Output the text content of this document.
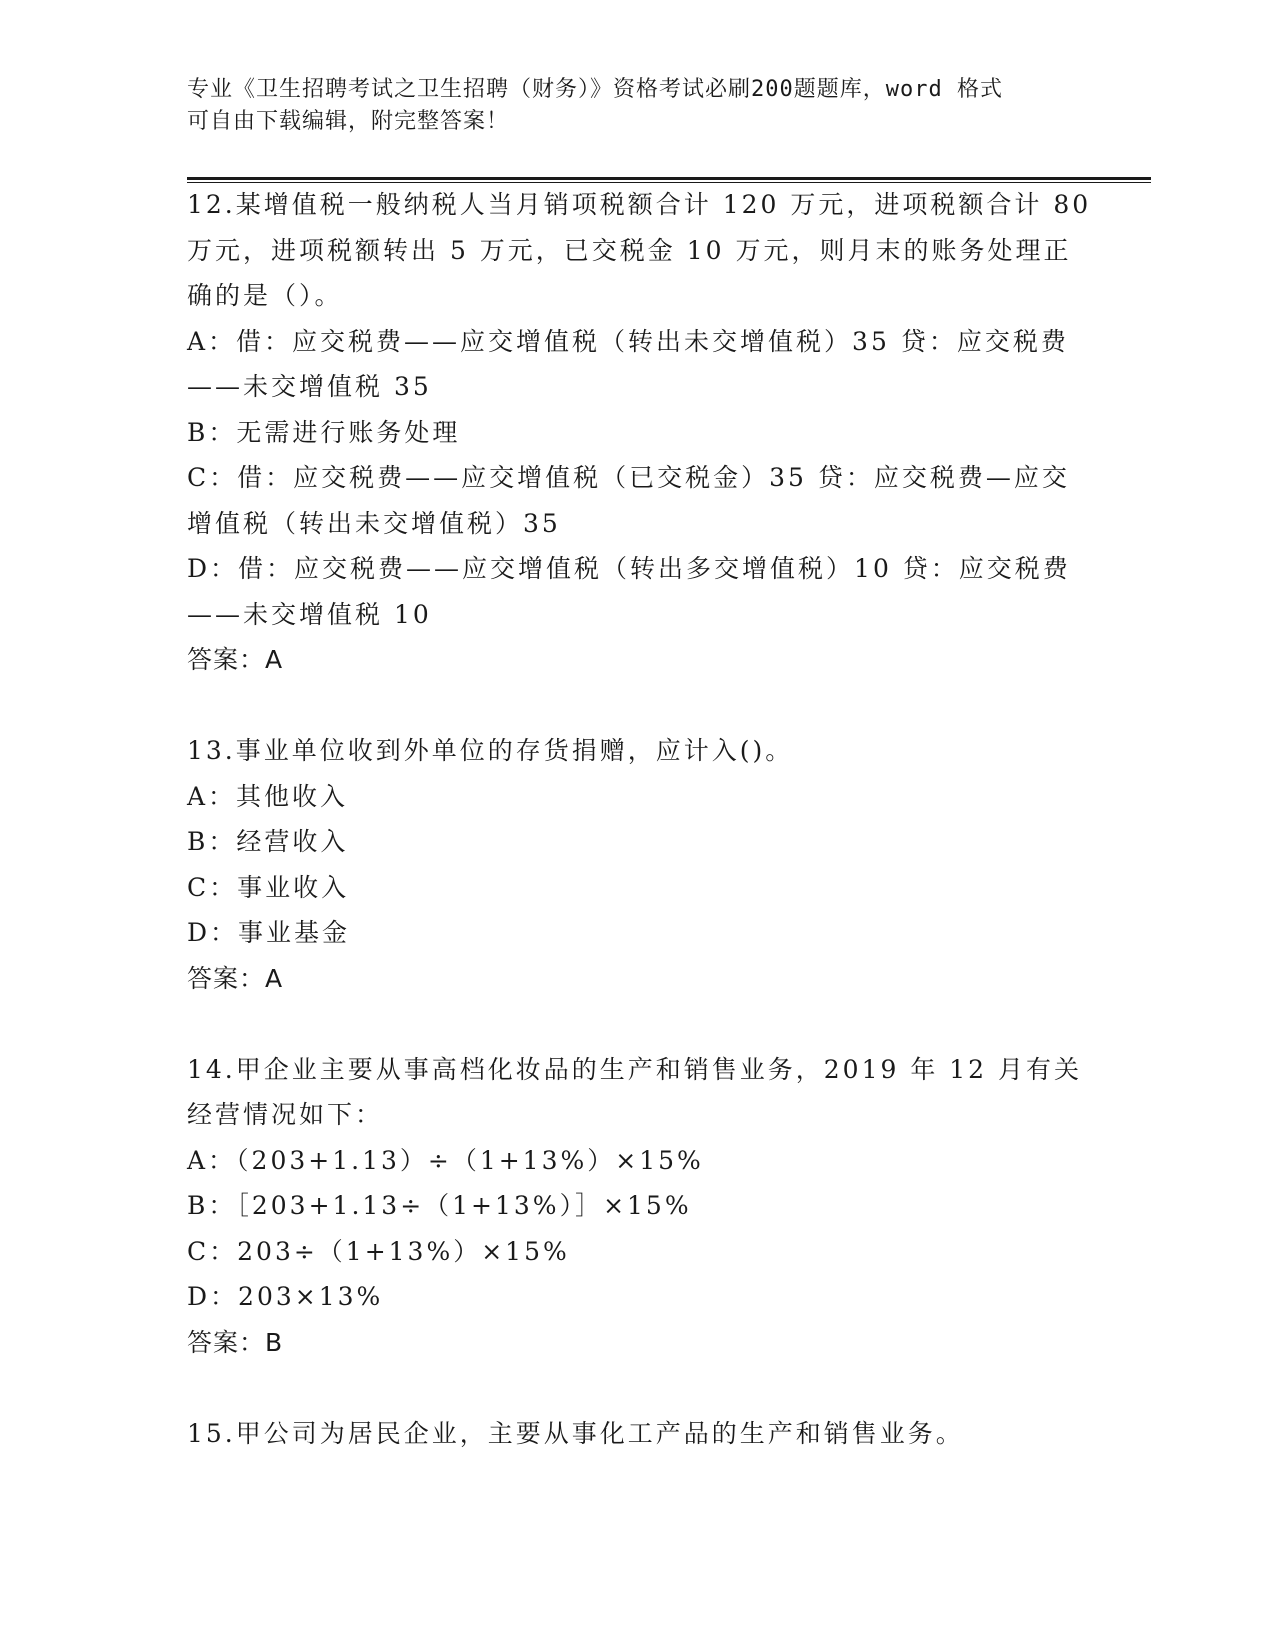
专业《卫生招聘考试之卫生招聘（财务）》资格考试必刷200题题库，word 格式
可自由下载编辑，附完整答案！
12.某增值税一般纳税人当月销项税额合计 120 万元，进项税额合计 80
万元，进项税额转出 5 万元，已交税金 10 万元，则月末的账务处理正
确的是（）。
A：借：应交税费——应交增值税（转出未交增值税）35 贷：应交税费
——未交增值税 35
B：无需进行账务处理
C：借：应交税费——应交增值税（已交税金）35 贷：应交税费—应交
增值税（转出未交增值税）35
D：借：应交税费——应交增值税（转出多交增值税）10 贷：应交税费
——未交增值税 10
答案：A
13.事业单位收到外单位的存货捐赠，应计入()。
A：其他收入
B：经营收入
C：事业收入
D：事业基金
答案：A
14.甲企业主要从事高档化妆品的生产和销售业务，2019 年 12 月有关
经营情况如下：
A：（203+1.13）÷（1+13%）×15%
B：［203+1.13÷（1+13%）］×15%
C：203÷（1+13%）×15%
D：203×13%
答案：B
15.甲公司为居民企业，主要从事化工产品的生产和销售业务。
